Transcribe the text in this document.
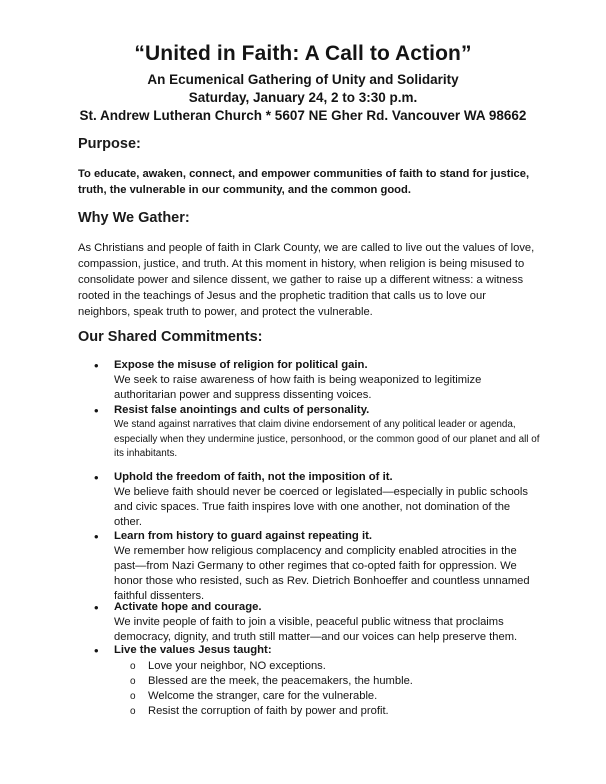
“United in Faith: A Call to Action”

An Ecumenical Gathering of Unity and Solidarity

Saturday, January 24, 2 to 3:30 p.m.

St. Andrew Lutheran Church * 5607 NE Gher Rd. Vancouver WA 98662

Purpose:

To educate, awaken, connect, and empower communities of faith to stand for justice, truth, the vulnerable in our community, and the common good.

Why We Gather:

As Christians and people of faith in Clark County, we are called to live out the values of love, compassion, justice, and truth. At this moment in history, when religion is being misused to consolidate power and silence dissent, we gather to raise up a different witness: a witness rooted in the teachings of Jesus and the prophetic tradition that calls us to love our neighbors, speak truth to power, and protect the vulnerable.

Our Shared Commitments:
• Expose the misuse of religion for political gain.

We seek to raise awareness of how faith is being weaponized to legitimize authoritarian power and suppress dissenting voices.

• Resist false anointings and cults of personality.

We stand against narratives that claim divine endorsement of any political leader or agenda, especially when they undermine justice, personhood, or the common good of our planet and all of its inhabitants.

• Uphold the freedom of faith, not the imposition of it.

We believe faith should never be coerced or legislated—especially in public schools and civic spaces. True faith inspires love with one another, not domination of the other.

• Learn from history to guard against repeating it.

We remember how religious complacency and complicity enabled atrocities in the past—from Nazi Germany to other regimes that co-opted faith for oppression. We honor those who resisted, such as Rev. Dietrich Bonhoeffer and countless unnamed faithful dissenters.

• Activate hope and courage.

We invite people of faith to join a visible, peaceful public witness that proclaims democracy, dignity, and truth still matter—and our voices can help preserve them.

• Live the values Jesus taught:

o Love your neighbor, NO exceptions.
o Blessed are the meek, the peacemakers, the humble.
o Welcome the stranger, care for the vulnerable.
o Resist the corruption of faith by power and profit.
